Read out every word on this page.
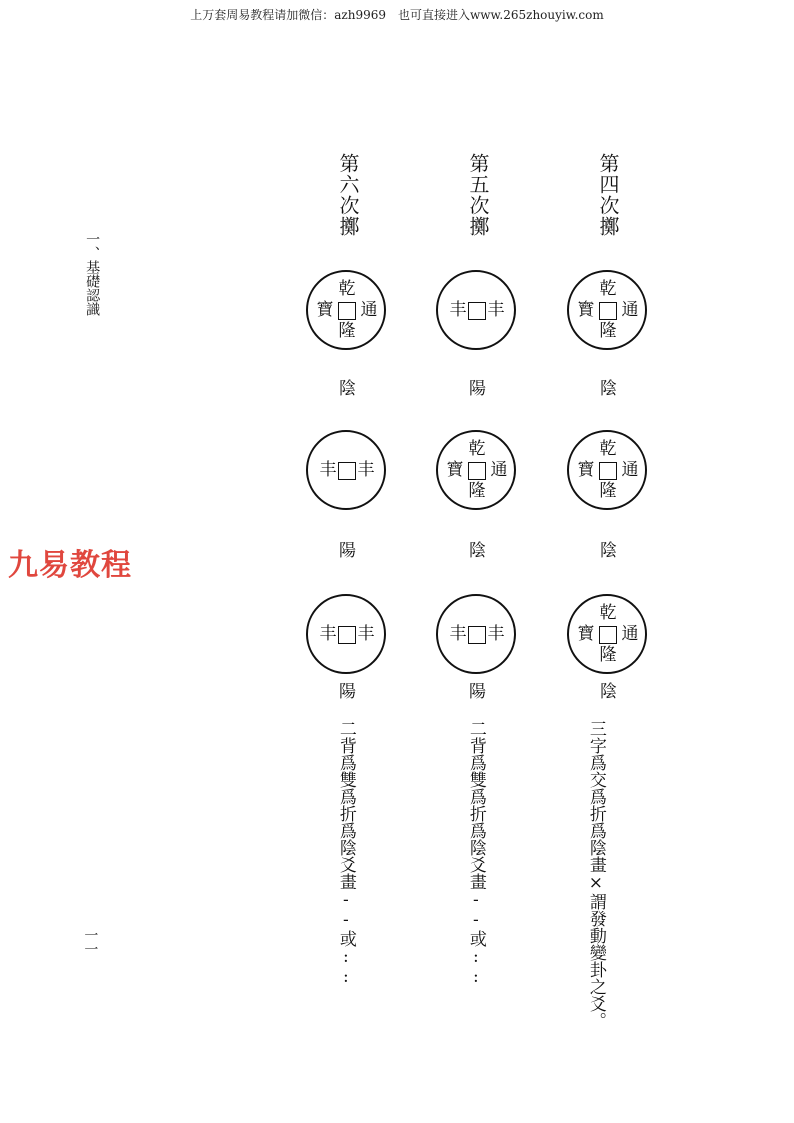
上万套周易教程请加微信：azh9969　也可直接进入www.265zhouyiw.com
一、基礎認識
一一
九易教程
第四次擲
乾
通
隆
寶
陰
乾
通
隆
寶
陰
乾
通
隆
寶
陰
三字爲交爲折爲陰畫×謂發動變卦之爻。
第五次擲
丰 丰
陽
乾
通
隆
寶
陰
丰 丰
陽
二背爲雙爲折爲陰爻畫--或::
第六次擲
乾
通
隆
寶
陰
丰 丰
陽
丰 丰
陽
二背爲雙爲折爲陰爻畫--或::
